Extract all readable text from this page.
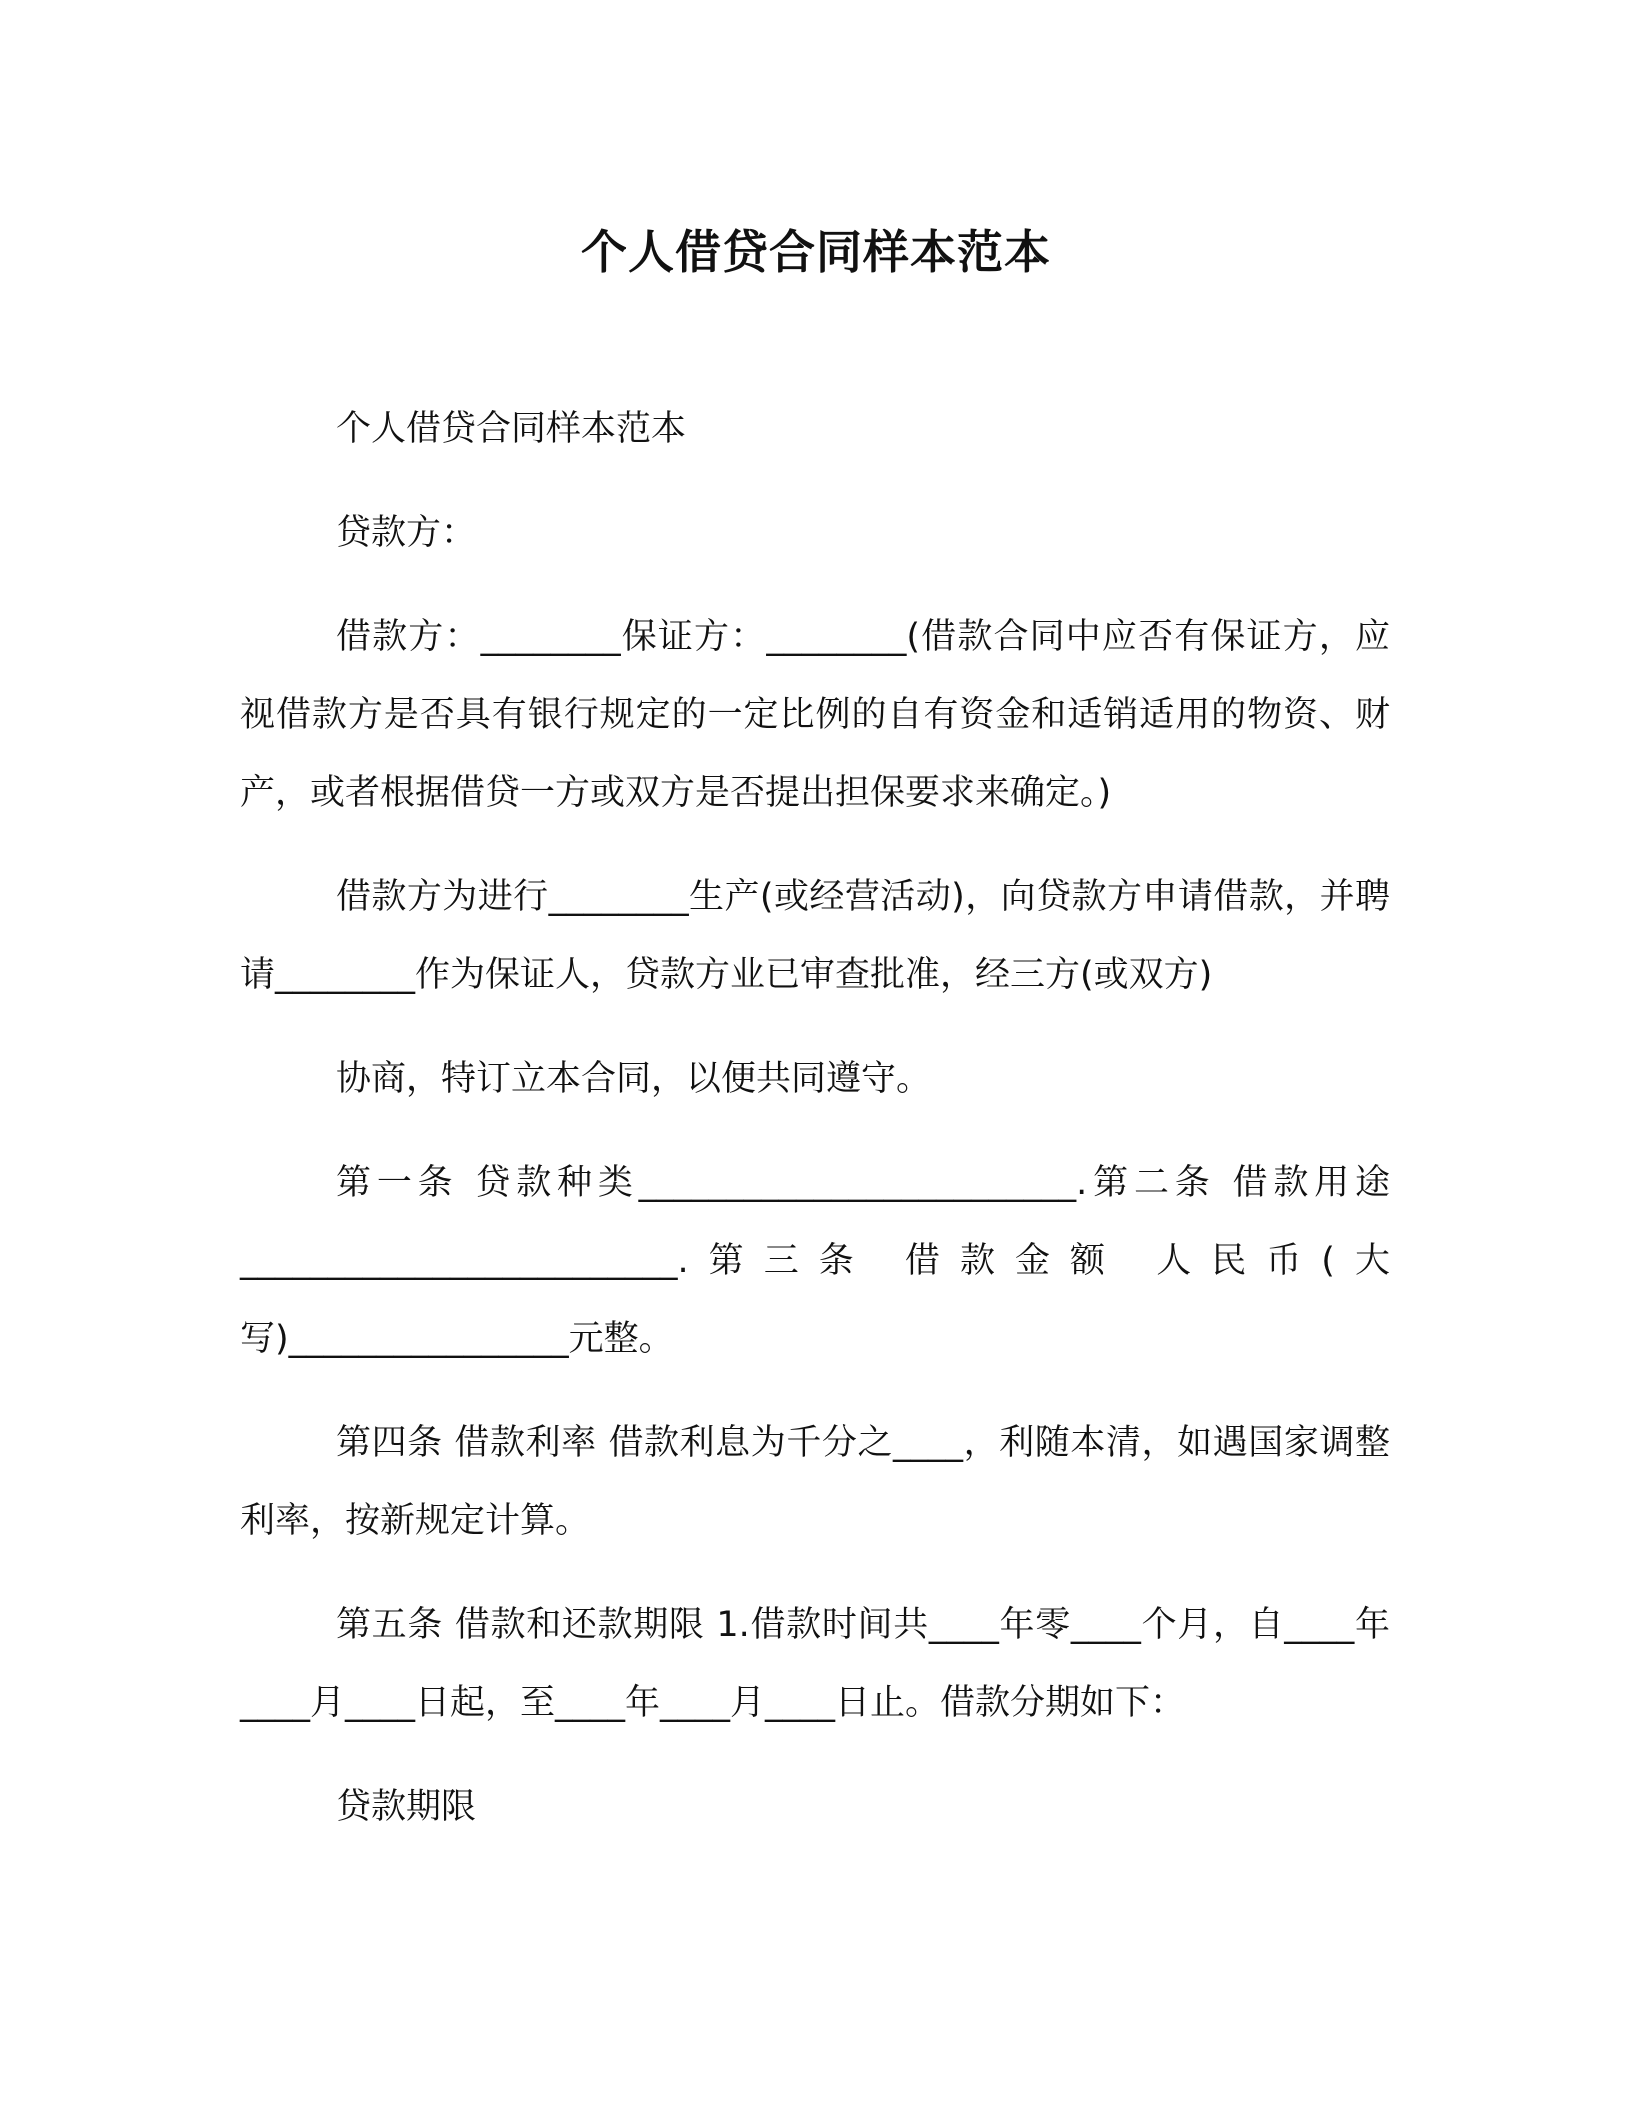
个人借贷合同样本范本

个人借贷合同样本范本

贷款方：

借款方：________保证方：________(借款合同中应否有保证方，应视借款方是否具有银行规定的一定比例的自有资金和适销适用的物资、财产，或者根据借贷一方或双方是否提出担保要求来确定。)

借款方为进行________生产(或经营活动)，向贷款方申请借款，并聘请________作为保证人，贷款方业已审查批准，经三方(或双方)

协商，特订立本合同，以便共同遵守。

第一条 贷款种类_________________________.第二条 借款用途_________________________.第三条 借款金额 人民币(大写)________________元整。

第四条 借款利率 借款利息为千分之____，利随本清，如遇国家调整利率，按新规定计算。

第五条 借款和还款期限 1.借款时间共____年零____个月，自____年____月____日起，至____年____月____日止。借款分期如下：

贷款期限
